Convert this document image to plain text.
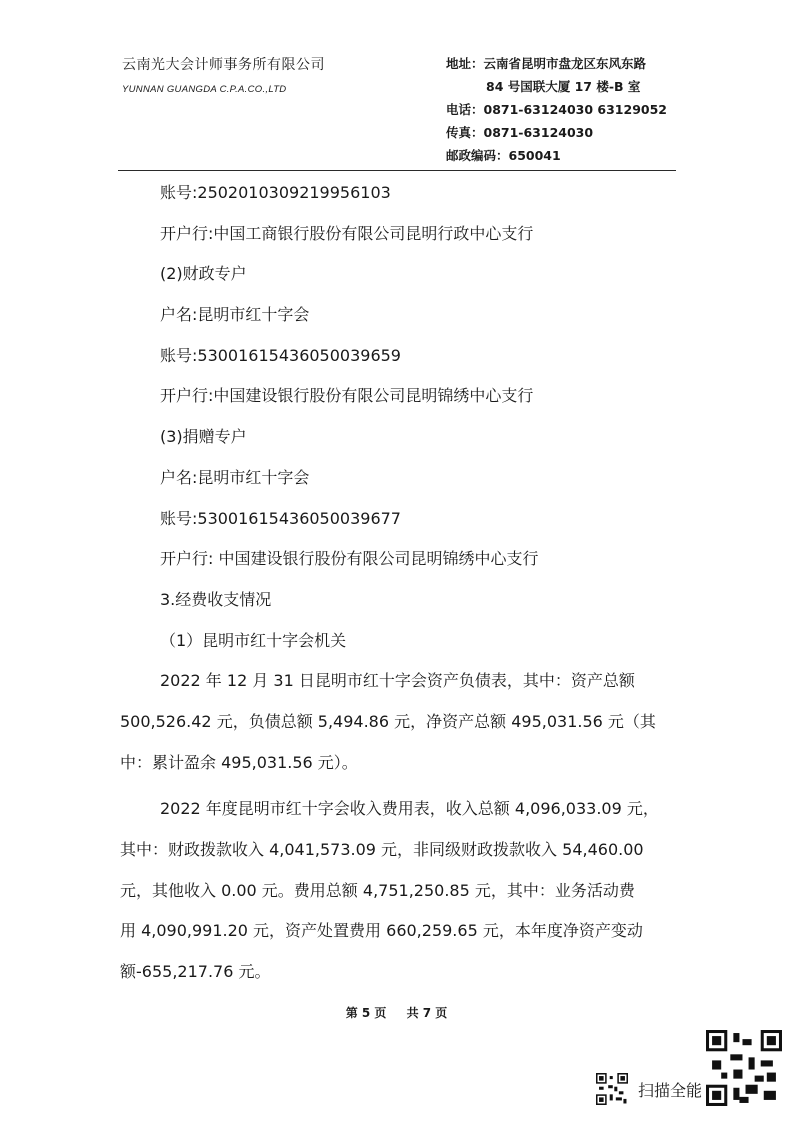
云南光大会计师事务所有限公司
YUNNAN GUANGDA C.P.A.CO.,LTD
地址：云南省昆明市盘龙区东风东路
84 号国联大厦 17 楼-B 室
电话：0871-63124030 63129052
传真：0871-63124030
邮政编码：650041
账号:2502010309219956103
开户行:中国工商银行股份有限公司昆明行政中心支行
(2)财政专户
户名:昆明市红十字会
账号:53001615436050039659
开户行:中国建设银行股份有限公司昆明锦绣中心支行
(3)捐赠专户
户名:昆明市红十字会
账号:53001615436050039677
开户行: 中国建设银行股份有限公司昆明锦绣中心支行
3.经费收支情况
（1）昆明市红十字会机关
2022 年 12 月 31 日昆明市红十字会资产负债表，其中：资产总额
500,526.42 元，负债总额 5,494.86 元，净资产总额 495,031.56 元（其
中：累计盈余 495,031.56 元）。
2022 年度昆明市红十字会收入费用表，收入总额 4,096,033.09 元，
其中：财政拨款收入 4,041,573.09 元，非同级财政拨款收入 54,460.00
元，其他收入 0.00 元。费用总额 4,751,250.85 元，其中：业务活动费
用 4,090,991.20 元，资产处置费用 660,259.65 元，本年度净资产变动
额-655,217.76 元。
第 5 页 共 7 页
扫描全能
